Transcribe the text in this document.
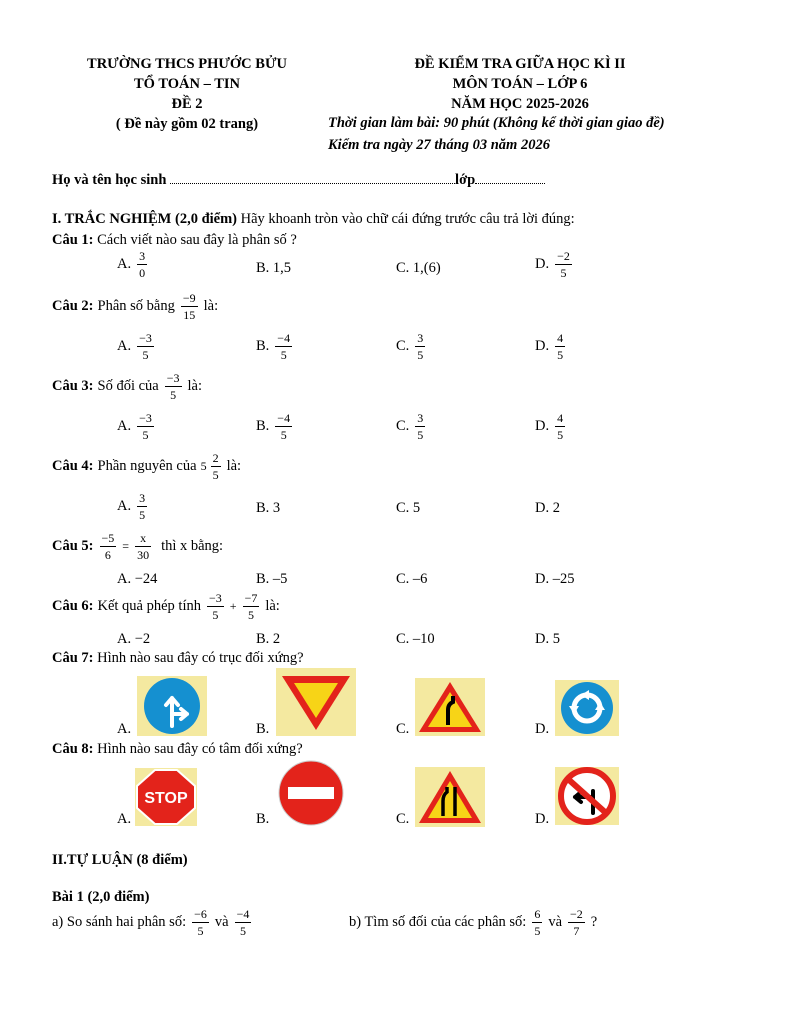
TRƯỜNG THCS PHƯỚC BỬU
TỔ TOÁN – TIN
ĐỀ 2
( Đề này gồm 02 trang)
ĐỀ KIỂM TRA GIỮA HỌC KÌ II
MÔN TOÁN – LỚP 6
NĂM HỌC 2025-2026
Thời gian làm bài: 90 phút (Không kể thời gian giao đề)
Kiểm tra ngày 27 tháng 03 năm 2026
Họ và tên học sinh	lớp
I. TRẮC NGHIỆM (2,0 điểm) Hãy khoanh tròn vào chữ cái đứng trước câu trả lời đúng:
Câu 1: Cách viết nào sau đây là phân số ?
A. $\frac{3}{0}$	B. 1,5	C. 1,(6)	D. $\frac{-2}{5}$
Câu 2: Phân số bằng $\frac{-9}{15}$ là:
A. $\frac{-3}{5}$	B. $\frac{-4}{5}$	C. $\frac{3}{5}$	D. $\frac{4}{5}$
Câu 3: Số đối của $\frac{-3}{5}$ là:
A. $\frac{-3}{5}$	B. $\frac{-4}{5}$	C. $\frac{3}{5}$	D. $\frac{4}{5}$
Câu 4: Phần nguyên của $5 \frac{2}{5}$ là:
A. $\frac{3}{5}$	B. 3	C. 5	D. 2
Câu 5: $\frac{-5}{6} = \frac{x}{30}$ thì x bằng:
A. −24	B. –5	C. –6	D. –25
Câu 6: Kết quả phép tính $\frac{-3}{5} + \frac{-7}{5}$ là:
A. −2	B. 2	C. –10	D. 5
Câu 7: Hình nào sau đây có trục đối xứng?
A.	B.	C.	D.
Câu 8: Hình nào sau đây có tâm đối xứng?
A.
STOP
B.	C.	D.
II.TỰ LUẬN (8 điểm)
Bài 1 (2,0 điểm)
a) So sánh hai phân số: $\frac{-6}{5}$ và $\frac{-4}{5}$	b) Tìm số đối của các phân số: $\frac{6}{5}$ và $\frac{-2}{7}$ ?
